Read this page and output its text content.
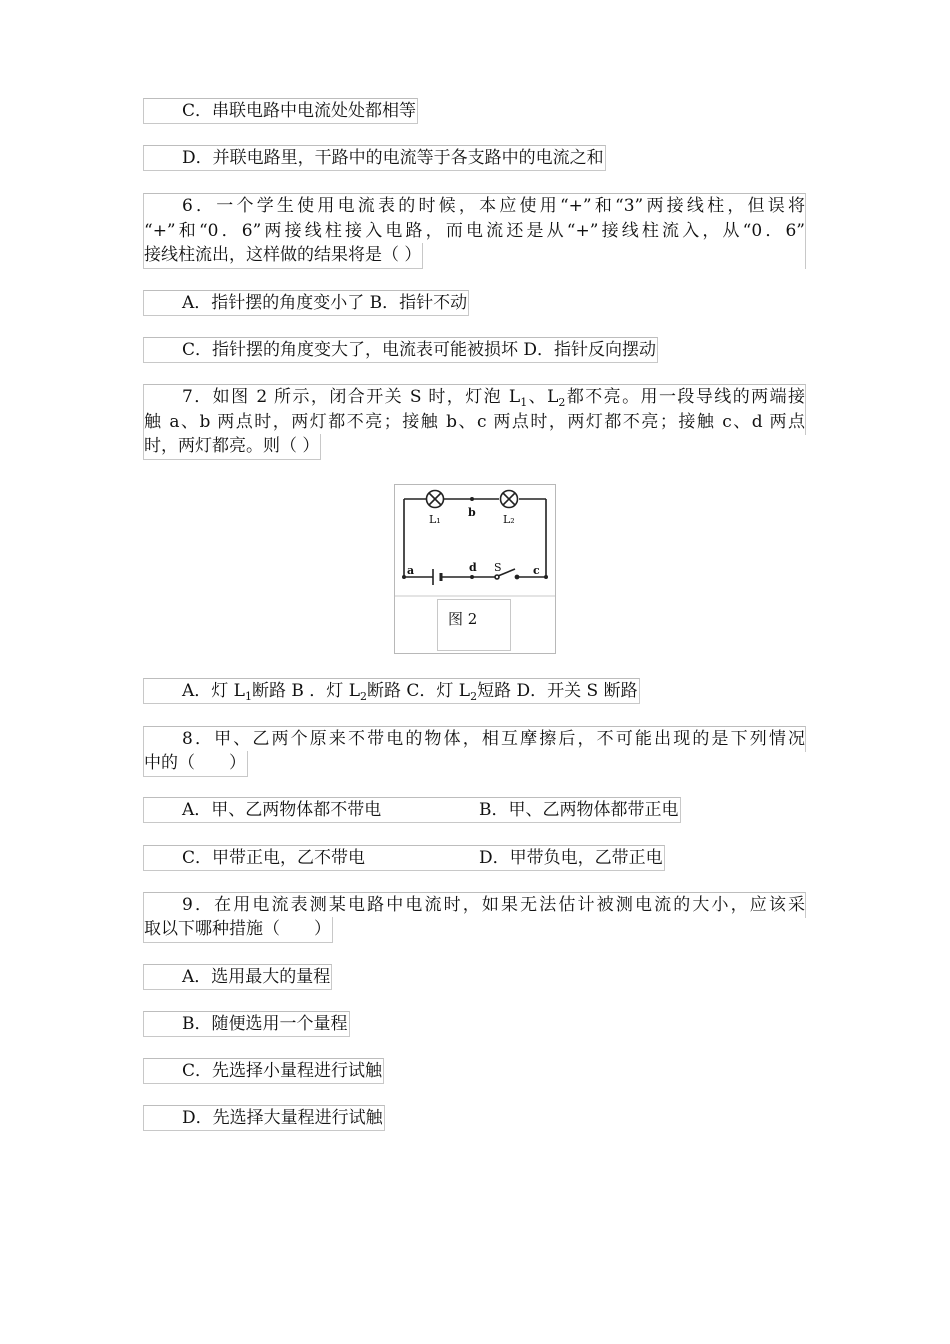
C．串联电路中电流处处都相等
D．并联电路里，干路中的电流等于各支路中的电流之和
6．一个学生使用电流表的时候，本应使用“+”和“3”两接线柱，但误将
“+”和“0．6”两接线柱接入电路，而电流还是从“+”接线柱流入，从“0．6”
接线柱流出，这样做的结果将是（ ）
A．指针摆的角度变小了 B．指针不动
C．指针摆的角度变大了，电流表可能被损坏 D．指针反向摆动
7．如图 2 所示，闭合开关 S 时，灯泡 $L_1$、$L_2$都不亮。用一段导线的两端接
触 a、b 两点时，两灯都不亮；接触 b、c 两点时，两灯都不亮；接触 c、d 两点
时，两灯都亮。则（ ）
L₁	L₂
b
a	d S	c
图 2
A．灯 $L_1$断路 B ．灯 $L_2$断路 C．灯 $L_2$短路 D．开关 S 断路
8．甲、乙两个原来不带电的物体，相互摩擦后，不可能出现的是下列情况
中的（　　）
A．甲、乙两物体都不带电	B．甲、乙两物体都带正电
C．甲带正电，乙不带电	D．甲带负电，乙带正电
9．在用电流表测某电路中电流时，如果无法估计被测电流的大小，应该采
取以下哪种措施（　　）
A．选用最大的量程
B．随便选用一个量程
C．先选择小量程进行试触
D．先选择大量程进行试触
